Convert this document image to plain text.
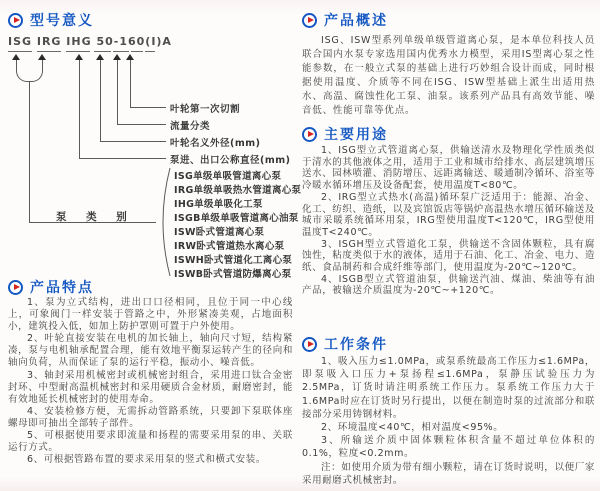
型号意义
ISG IRG IHG 50-160(Ⅰ)A
叶轮第一次切割
流量分类
叶轮名义外径(mm)
泵进、出口公称直径(mm)
泵 类 别
ISG单级单吸管道离心泵
IRG单级单吸热水管道离心泵
IHG单级单吸化工泵
ISGB单级单吸管道离心油泵
ISW卧式管道离心泵
IRW卧式管道热水离心泵
ISWH卧式管道化工离心泵
ISWB卧式管道防爆离心泵
产品特点

1、泵为立式结构，进出口口径相同，且位于同一中心线上，可象阀门一样安装于管路之中，外形紧凑美观，占地面积小，建筑投入低，如加上防护罩则可置于户外使用。

2、叶轮直接安装在电机的加长轴上，轴向尺寸短，结构紧凑，泵与电机轴承配置合理，能有效地平衡泵运转产生的径向和轴向负荷，从而保证了泵的运行平稳，振动小、噪音低。

3、轴封采用机械密封或机械密封组合，采用进口钛合金密封环、中型耐高温机械密封和采用硬质合金材质，耐磨密封，能有效地延长机械密封的使用寿命。

4、安装检修方便，无需拆动管路系统，只要卸下泵联体座螺母即可抽出全部转子部件。

5、可根据使用要求即流量和扬程的需要采用泵的串、关联运行方式。

6、可根据管路布置的要求采用泵的竖式和横式安装。

产品概述

ISG、ISW型系列单级单级管道离心泵，是本单位科技人员联合国内水泵专家选用国内优秀水力模型，采用IS型离心泵之性能参数，在一般立式泵的基础上进行巧妙组合设计而成，同时根据使用温度、介质等不同在ISG、ISW型基础上派生出适用热水、高温、腐蚀性化工泵、油泵。该系列产品具有高效节能、噪音低、性能可靠等优点。

主要用途

1、ISG型立式管道离心泵，供输送清水及物理化学性质类似于清水的其他液体之用，适用于工业和城市给排水、高层建筑增压送水、园林喷灌、消防增压、远距离输送、暖通制冷循环、浴室等冷暖水循环增压及设备配套，使用温度T<80℃。

2、IRG型立式热水(高温)循环泵广泛适用于：能源、冶金、化工、纺织、造纸，以及宾馆饭店等锅炉高温热水增压循环输送及城市采暖系统循环用泵，IRG型使用温度T<120℃，IRG型使用温度T<240℃。

3、ISGH型立式管道化工泵，供输送不含固体颗粒，具有腐蚀性，粘度类似于水的液体，适用于石油、化工、冶金、电力、造纸、食品制药和合成纤维等部门，使用温度为-20℃~120℃。

4、ISGB型立式管道油泵，供输送汽油、煤油、柴油等有油产品，被输送介质温度为-20℃~+120℃。

工作条件

1、吸入压力≤1.0MPa，或泵系统最高工作压力≤1.6MPa，即泵吸入口压力+泵扬程≤1.6MPa，泵静压试验压力为2.5MPa，订货时请注明系统工作压力。泵系统工作压力大于1.6MPa时应在订货时另行提出，以便在制造时泵的过流部分和联接部分采用铸钢材料。

2、环境温度<40℃，相对温度<95%。

3、所输送介质中固体颗粒体积含量不超过单位体积的0.1%，粒度<0.2mm。

注：如使用介质为带有细小颗粒，请在订货时说明，以便厂家采用耐磨式机械密封。
